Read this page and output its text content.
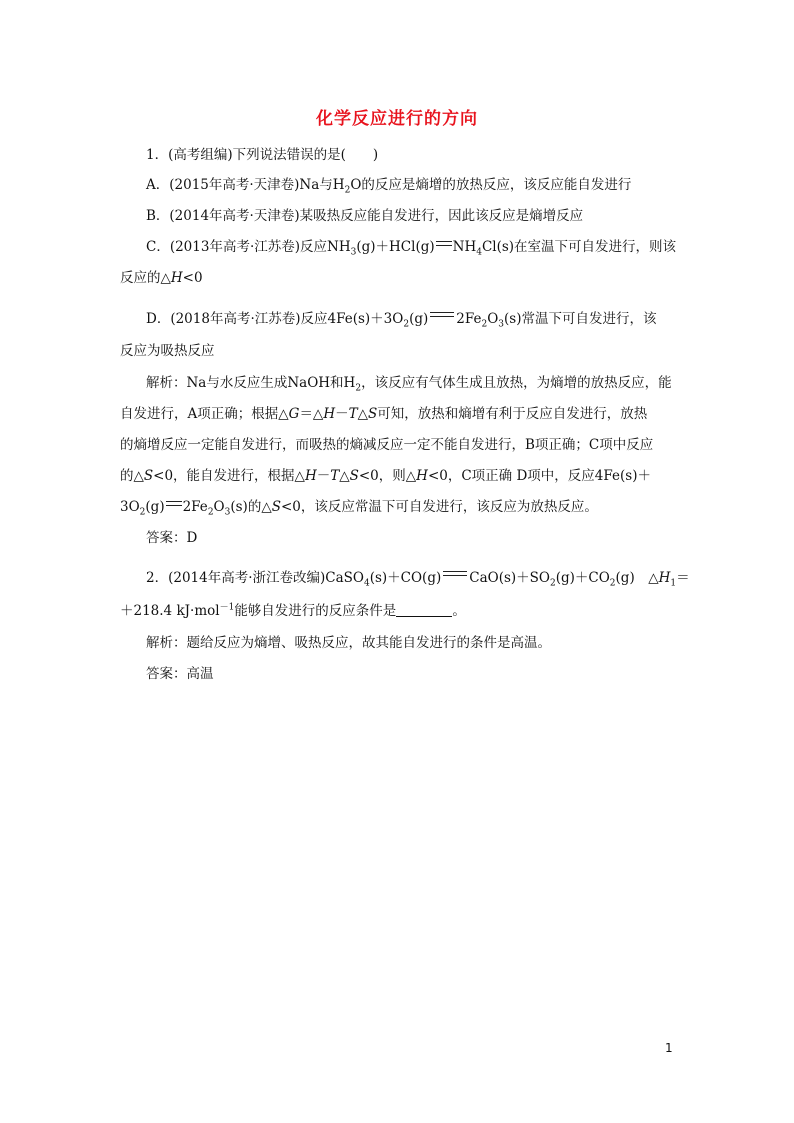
化学反应进行的方向
1．(高考组编)下列说法错误的是(　　)
A．(2015年高考·天津卷)Na与$H_2O$的反应是熵增的放热反应，该反应能自发进行
B．(2014年高考·天津卷)某吸热反应能自发进行，因此该反应是熵增反应
C．(2013年高考·江苏卷)反应$NH_3(g)+HCl(g)$ $NH_4Cl(s)$在室温下可自发进行，则该
反应的△H<0
D．(2018年高考·江苏卷)反应$4Fe(s)+3O_2(g)$ $2Fe_2O_3(s)$常温下可自发进行，该
反应为吸热反应
解析：Na与水反应生成NaOH和$H_2$，该反应有气体生成且放热，为熵增的放热反应，能
自发进行，A项正确；根据△G＝△H－T△S可知，放热和熵增有利于反应自发进行，放热
的熵增反应一定能自发进行，而吸热的熵减反应一定不能自发进行，B项正确；C项中反应
的△S<0，能自发进行，根据△H－T△S<0，则△H<0，C项正确 D项中，反应4Fe(s)＋
$3O_2(g)$ $2Fe_2O_3(s)$的△S<0，该反应常温下可自发进行，该反应为放热反应。
答案：D
2．(2014年高考·浙江卷改编)CaSO$_4$(s)＋CO(g) $CaO(s)+SO_2(g)+CO_2(g)$　$\triangle H_1=$
＋218.4 kJ·mol$^{-1}$能够自发进行的反应条件是	。
解析：题给反应为熵增、吸热反应，故其能自发进行的条件是高温。
答案：高温
1
